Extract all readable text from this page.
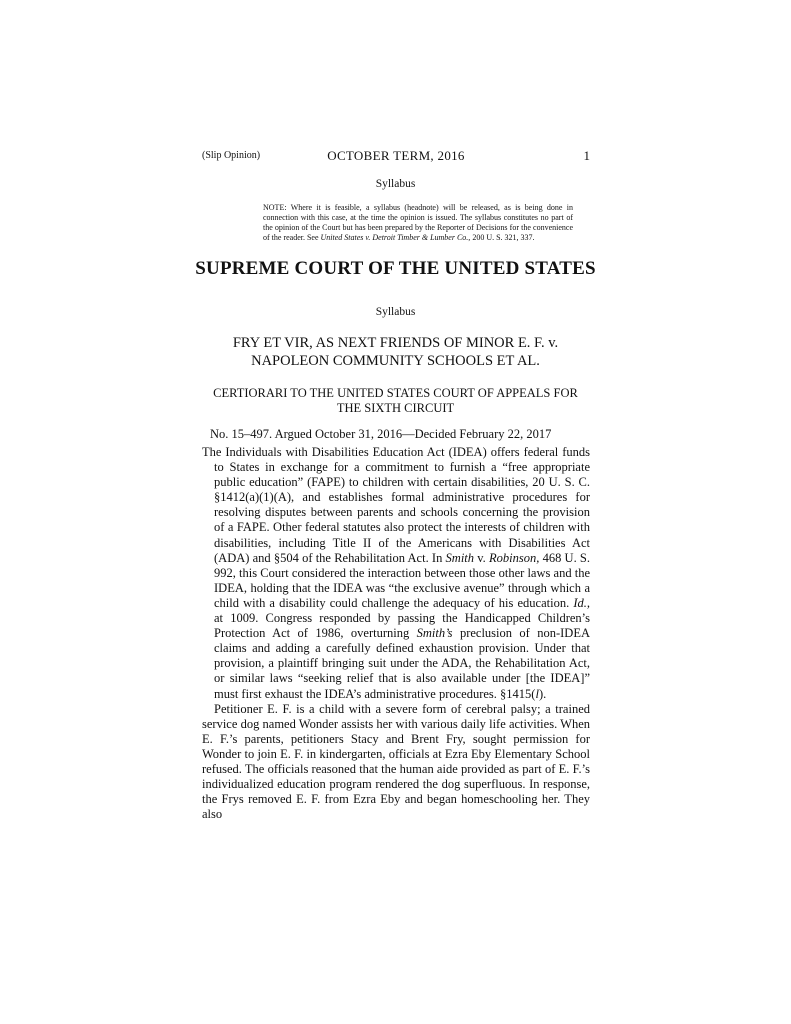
(Slip Opinion)	OCTOBER TERM, 2016	1
Syllabus
NOTE: Where it is feasible, a syllabus (headnote) will be released, as is being done in connection with this case, at the time the opinion is issued. The syllabus constitutes no part of the opinion of the Court but has been prepared by the Reporter of Decisions for the convenience of the reader. See United States v. Detroit Timber & Lumber Co., 200 U. S. 321, 337.
SUPREME COURT OF THE UNITED STATES
Syllabus
FRY ET VIR, AS NEXT FRIENDS OF MINOR E. F. v.
NAPOLEON COMMUNITY SCHOOLS ET AL.
CERTIORARI TO THE UNITED STATES COURT OF APPEALS FOR
THE SIXTH CIRCUIT
No. 15–497. Argued October 31, 2016—Decided February 22, 2017

The Individuals with Disabilities Education Act (IDEA) offers federal funds to States in exchange for a commitment to furnish a “free appropriate public education” (FAPE) to children with certain disabilities, 20 U. S. C. §1412(a)(1)(A), and establishes formal administrative procedures for resolving disputes between parents and schools concerning the provision of a FAPE. Other federal statutes also protect the interests of children with disabilities, including Title II of the Americans with Disabilities Act (ADA) and §504 of the Rehabilitation Act. In Smith v. Robinson, 468 U. S. 992, this Court considered the interaction between those other laws and the IDEA, holding that the IDEA was “the exclusive avenue” through which a child with a disability could challenge the adequacy of his education. Id., at 1009. Congress responded by passing the Handicapped Children’s Protection Act of 1986, overturning Smith’s preclusion of non-IDEA claims and adding a carefully defined exhaustion provision. Under that provision, a plaintiff bringing suit under the ADA, the Rehabilitation Act, or similar laws “seeking relief that is also available under [the IDEA]” must first exhaust the IDEA’s administrative procedures. §1415(l).

Petitioner E. F. is a child with a severe form of cerebral palsy; a trained service dog named Wonder assists her with various daily life activities. When E. F.’s parents, petitioners Stacy and Brent Fry, sought permission for Wonder to join E. F. in kindergarten, officials at Ezra Eby Elementary School refused. The officials reasoned that the human aide provided as part of E. F.’s individualized education program rendered the dog superfluous. In response, the Frys removed E. F. from Ezra Eby and began homeschooling her. They also
